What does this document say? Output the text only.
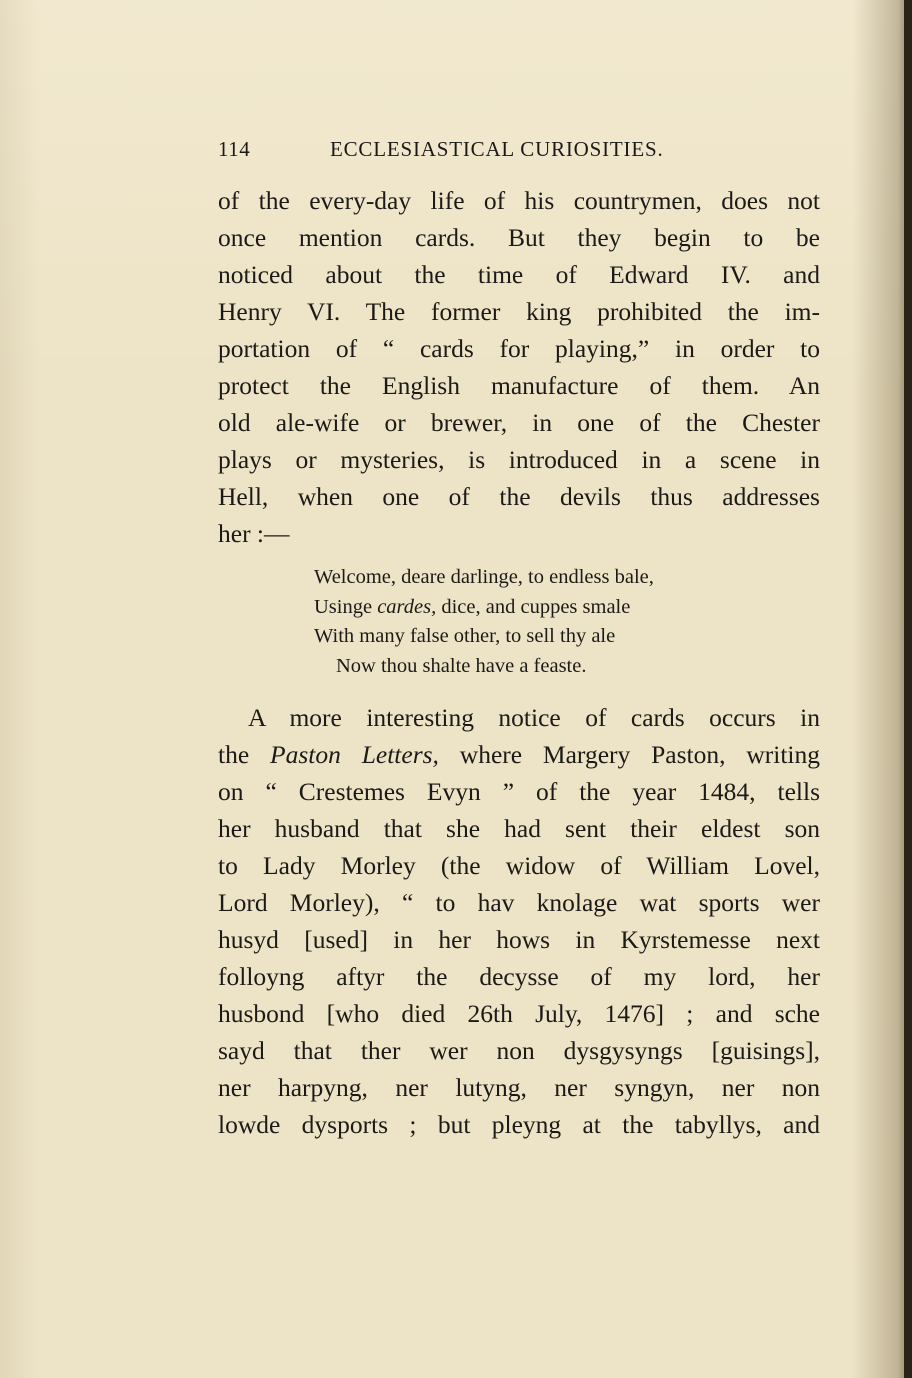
114	ECCLESIASTICAL CURIOSITIES.
of the every-day life of his countrymen, does not
once mention cards. But they begin to be
noticed about the time of Edward IV. and
Henry VI. The former king prohibited the im-
portation of “ cards for playing,” in order to
protect the English manufacture of them. An
old ale-wife or brewer, in one of the Chester
plays or mysteries, is introduced in a scene in
Hell, when one of the devils thus addresses
her :—
Welcome, deare darlinge, to endless bale,
Usinge cardes, dice, and cuppes smale
With many false other, to sell thy ale
Now thou shalte have a feaste.
A more interesting notice of cards occurs in
the Paston Letters, where Margery Paston, writing
on “ Crestemes Evyn ” of the year 1484, tells
her husband that she had sent their eldest son
to Lady Morley (the widow of William Lovel,
Lord Morley), “ to hav knolage wat sports wer
husyd [used] in her hows in Kyrstemesse next
folloyng aftyr the decysse of my lord, her
husbond [who died 26th July, 1476] ; and sche
sayd that ther wer non dysgysyngs [guisings],
ner harpyng, ner lutyng, ner syngyn, ner non
lowde dysports ; but pleyng at the tabyllys, and
